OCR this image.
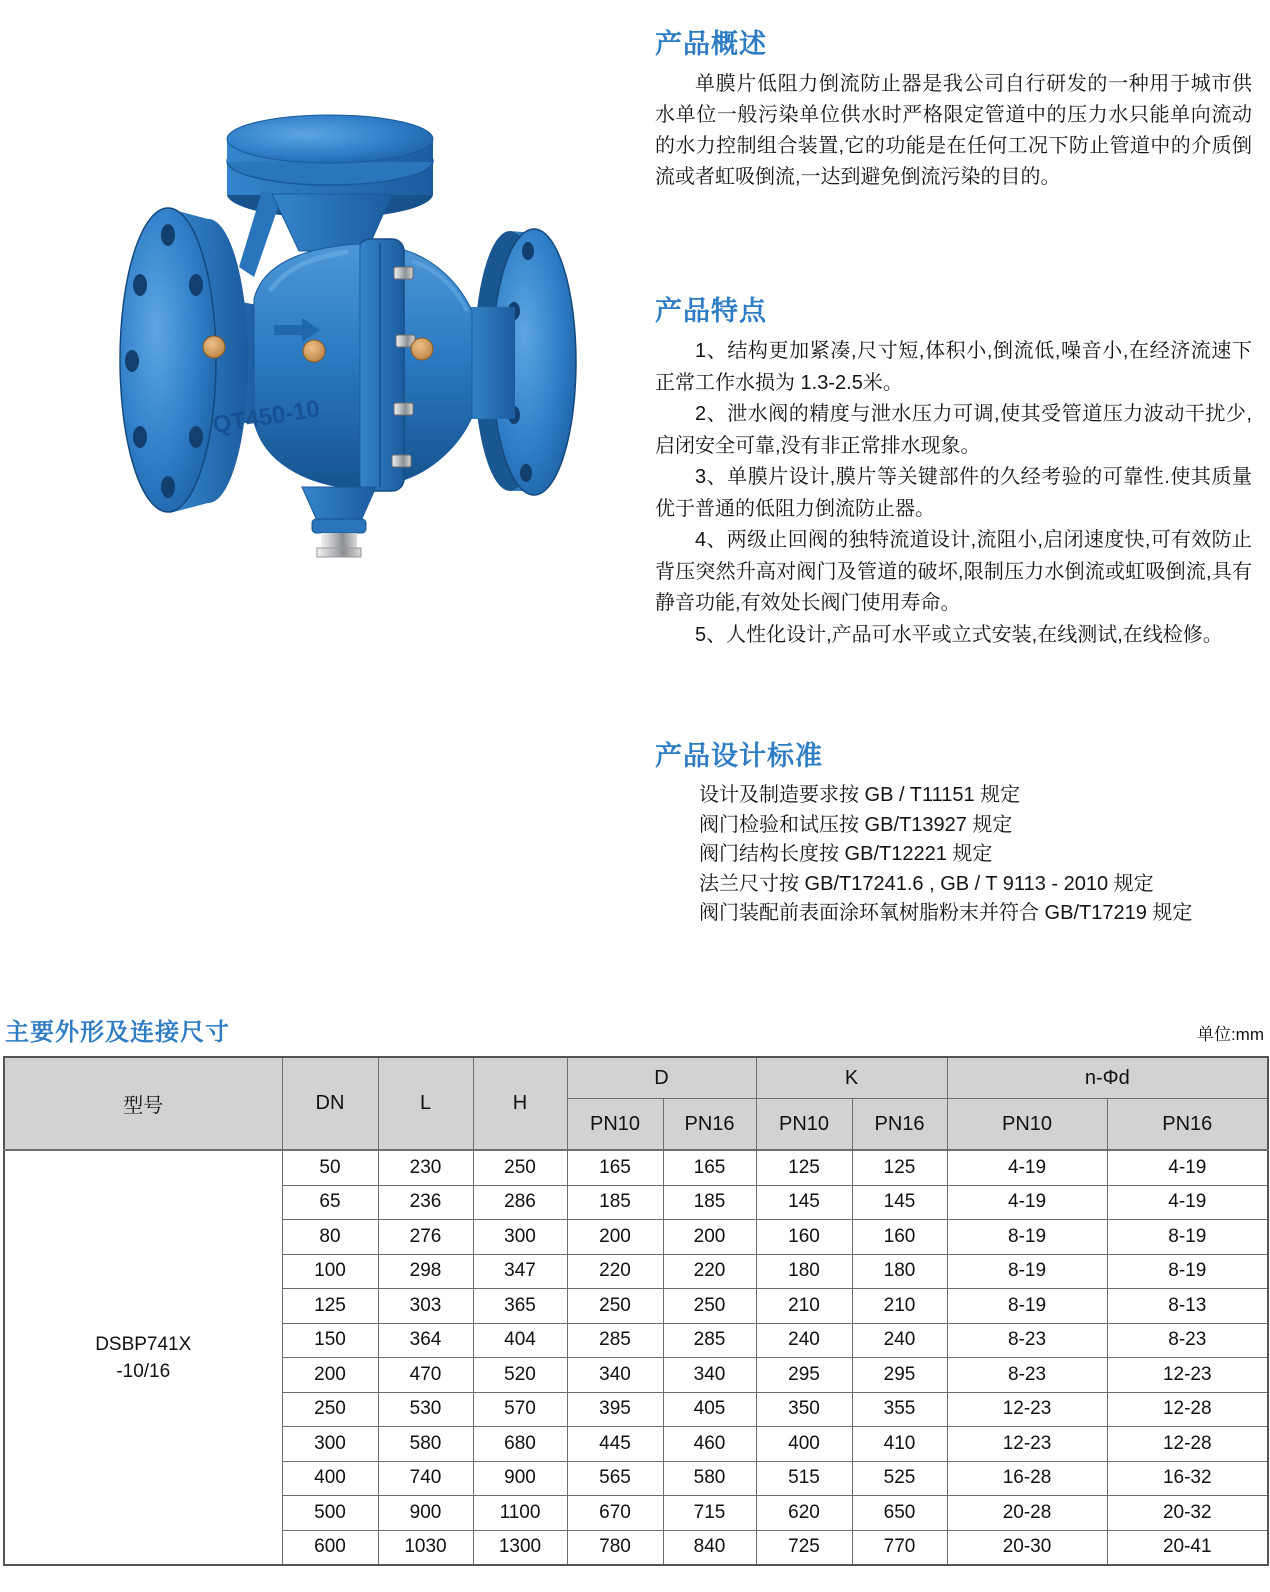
QT450-10
产品概述

单膜片低阻力倒流防止器是我公司自行研发的一种用于城市供水单位一般污染单位供水时严格限定管道中的压力水只能单向流动的水力控制组合装置,它的功能是在任何工况下防止管道中的介质倒流或者虹吸倒流,一达到避免倒流污染的目的。

产品特点

1、结构更加紧凑,尺寸短,体积小,倒流低,噪音小,在经济流速下正常工作水损为 1.3-2.5米。

2、泄水阀的精度与泄水压力可调,使其受管道压力波动干扰少,启闭安全可靠,没有非正常排水现象。

3、单膜片设计,膜片等关键部件的久经考验的可靠性.使其质量优于普通的低阻力倒流防止器。

4、两级止回阀的独特流道设计,流阻小,启闭速度快,可有效防止背压突然升高对阀门及管道的破坏,限制压力水倒流或虹吸倒流,具有静音功能,有效处长阀门使用寿命。

5、人性化设计,产品可水平或立式安装,在线测试,在线检修。

产品设计标准
设计及制造要求按 GB / T11151 规定
阀门检验和试压按 GB/T13927 规定
阀门结构长度按 GB/T12221 规定
法兰尺寸按 GB/T17241.6 , GB / T 9113 - 2010 规定
阀门装配前表面涂环氧树脂粉末并符合 GB/T17219 规定
主要外形及连接尺寸	单位:mm
型号	DN	L	H	D		K		n-Φd	
				PN10	PN16	PN10	PN16	PN10	PN16

DSBP741X
-10/16	50	230	250	165	165	125	125	4-19	4-19
	65	236	286	185	185	145	145	4-19	4-19
	80	276	300	200	200	160	160	8-19	8-19
	100	298	347	220	220	180	180	8-19	8-19
	125	303	365	250	250	210	210	8-19	8-13
	150	364	404	285	285	240	240	8-23	8-23
	200	470	520	340	340	295	295	8-23	12-23
	250	530	570	395	405	350	355	12-23	12-28
	300	580	680	445	460	400	410	12-23	12-28
	400	740	900	565	580	515	525	16-28	16-32
	500	900	1100	670	715	620	650	20-28	20-32
	600	1030	1300	780	840	725	770	20-30	20-41
